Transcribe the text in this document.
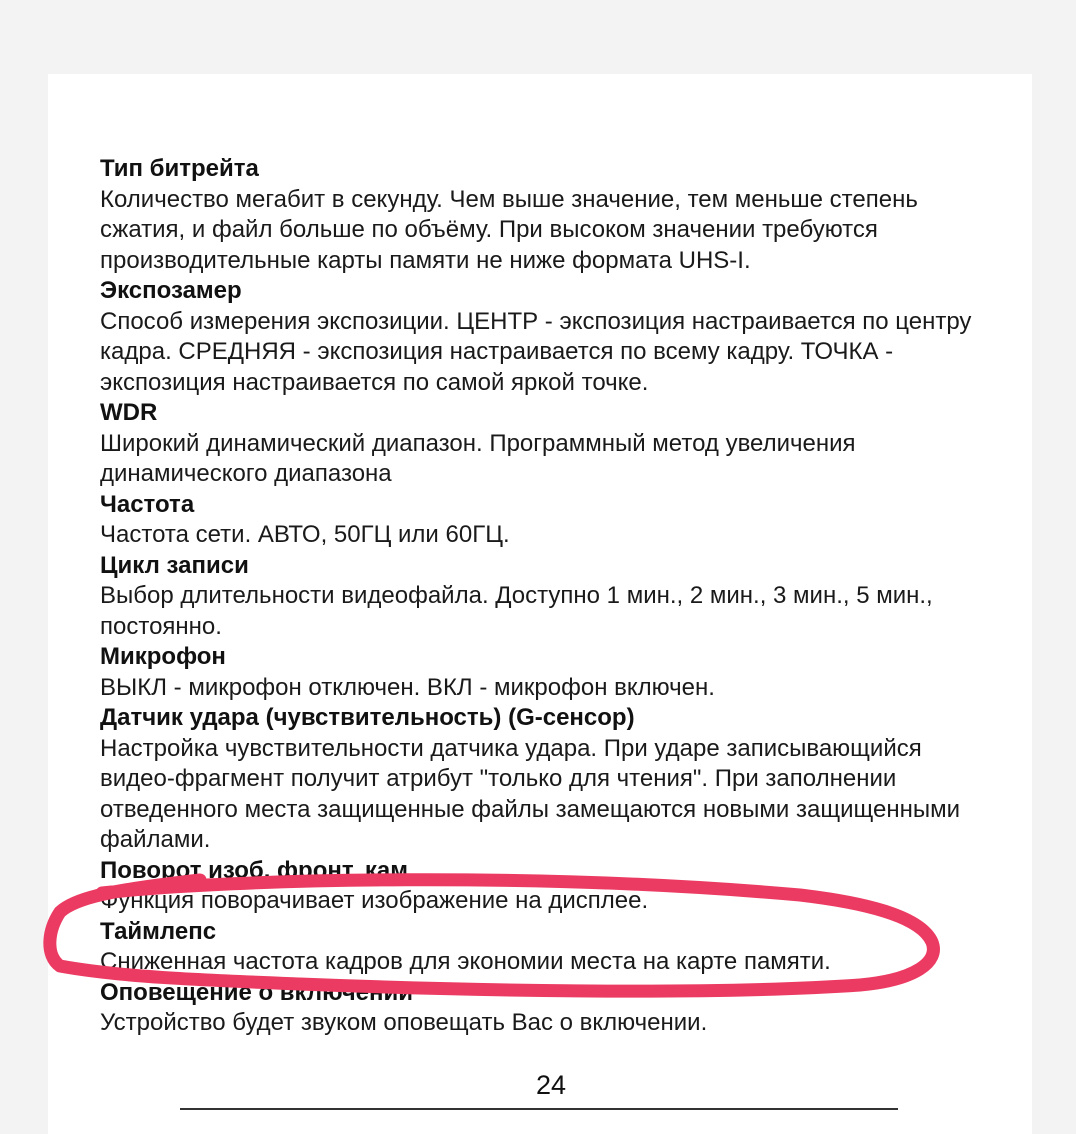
Тип битрейта

Количество мегабит в секунду. Чем выше значение, тем меньше степень сжатия, и файл больше по объёму. При высоком значении требуются производительные карты памяти не ниже формата UHS-I.

Экспозамер

Способ измерения экспозиции. ЦЕНТР - экспозиция настраивается по центру кадра. СРЕДНЯЯ - экспозиция настраивается по всему кадру. ТОЧКА - экспозиция настраивается по самой яркой точке.

WDR

Широкий динамический диапазон. Программный метод увеличения динамического диапазона

Частота

Частота сети. АВТО, 50ГЦ или 60ГЦ.

Цикл записи

Выбор длительности видеофайла. Доступно 1 мин., 2 мин., 3 мин., 5 мин., постоянно.

Микрофон

ВЫКЛ - микрофон отключен. ВКЛ - микрофон включен.

Датчик удара (чувствительность) (G-сенсор)

Настройка чувствительности датчика удара. При ударе записывающийся видео-фрагмент получит атрибут "только для чтения". При заполнении отведенного места защищенные файлы замещаются новыми защищенными файлами.

Поворот изоб. фронт. кам.

Функция поворачивает изображение на дисплее.

Таймлепс

Сниженная частота кадров для экономии места на карте памяти.

Оповещение о включении

Устройство будет звуком оповещать Вас о включении.

24
